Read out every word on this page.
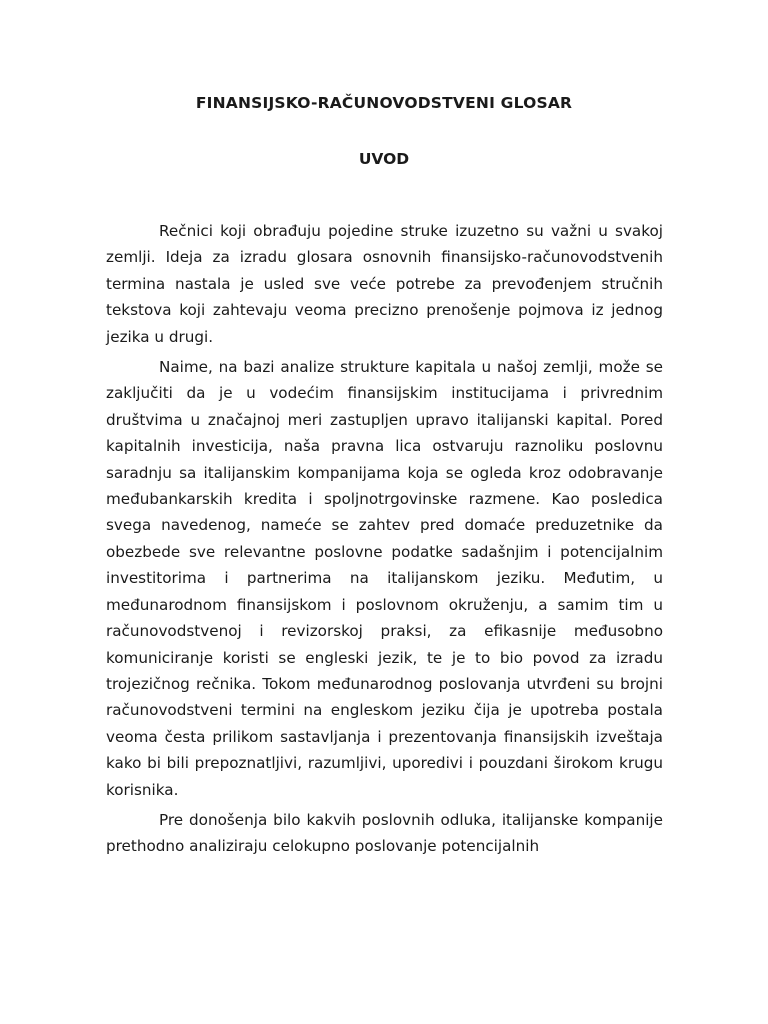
FINANSIJSKO-RAČUNOVODSTVENI GLOSAR
UVOD

Rečnici koji obrađuju pojedine struke izuzetno su važni u svakoj zemlji. Ideja za izradu glosara osnovnih finansijsko-računovodstvenih termina nastala je usled sve veće potrebe za prevođenjem stručnih tekstova koji zahtevaju veoma precizno prenošenje pojmova iz jednog jezika u drugi.

Naime, na bazi analize strukture kapitala u našoj zemlji, može se zaključiti da je u vodećim finansijskim institucijama i privrednim društvima u značajnoj meri zastupljen upravo italijanski kapital. Pored kapitalnih investicija, naša pravna lica ostvaruju raznoliku poslovnu saradnju sa italijanskim kompanijama koja se ogleda kroz odobravanje međubankarskih kredita i spoljnotrgovinske razmene. Kao posledica svega navedenog, nameće se zahtev pred domaće preduzetnike da obezbede sve relevantne poslovne podatke sadašnjim i potencijalnim investitorima i partnerima na italijanskom jeziku. Međutim, u međunarodnom finansijskom i poslovnom okruženju, a samim tim u računovodstvenoj i revizorskoj praksi, za efikasnije međusobno komuniciranje koristi se engleski jezik, te je to bio povod za izradu trojezičnog rečnika. Tokom međunarodnog poslovanja utvrđeni su brojni računovodstveni termini na engleskom jeziku čija je upotreba postala veoma česta prilikom sastavljanja i prezentovanja finansijskih izveštaja kako bi bili prepoznatljivi, razumljivi, uporedivi i pouzdani širokom krugu korisnika.

Pre donošenja bilo kakvih poslovnih odluka, italijanske kompanije prethodno analiziraju celokupno poslovanje potencijalnih
